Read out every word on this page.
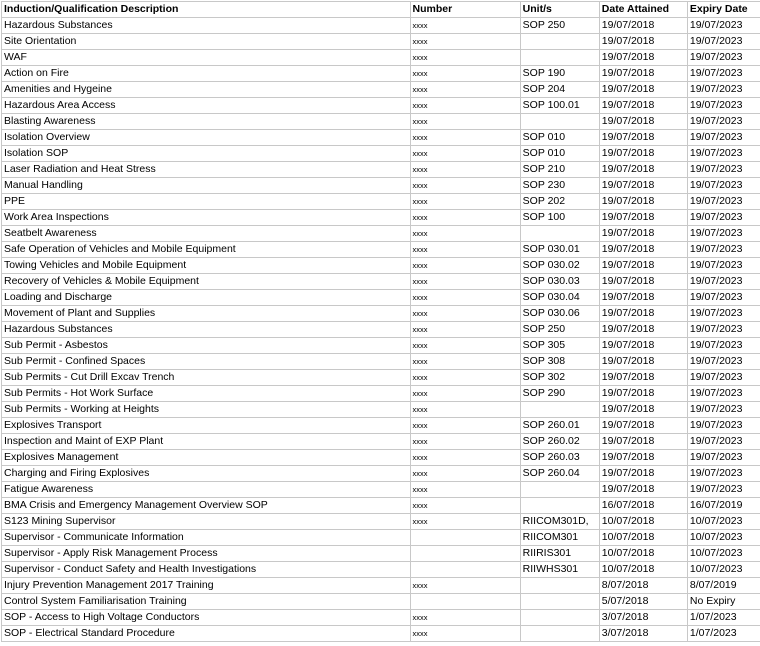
Induction/Qualification Description	Number	Unit/s	Date Attained	Expiry Date
Hazardous Substances	xxxx	SOP 250	19/07/2018	19/07/2023
Site Orientation	xxxx		19/07/2018	19/07/2023
WAF	xxxx		19/07/2018	19/07/2023
Action on Fire	xxxx	SOP 190	19/07/2018	19/07/2023
Amenities and Hygeine	xxxx	SOP 204	19/07/2018	19/07/2023
Hazardous Area Access	xxxx	SOP 100.01	19/07/2018	19/07/2023
Blasting Awareness	xxxx		19/07/2018	19/07/2023
Isolation Overview	xxxx	SOP 010	19/07/2018	19/07/2023
Isolation SOP	xxxx	SOP 010	19/07/2018	19/07/2023
Laser Radiation and Heat Stress	xxxx	SOP 210	19/07/2018	19/07/2023
Manual Handling	xxxx	SOP 230	19/07/2018	19/07/2023
PPE	xxxx	SOP 202	19/07/2018	19/07/2023
Work Area Inspections	xxxx	SOP 100	19/07/2018	19/07/2023
Seatbelt Awareness	xxxx		19/07/2018	19/07/2023
Safe Operation of Vehicles and Mobile Equipment	xxxx	SOP 030.01	19/07/2018	19/07/2023
Towing Vehicles and Mobile Equipment	xxxx	SOP 030.02	19/07/2018	19/07/2023
Recovery of Vehicles & Mobile Equipment	xxxx	SOP 030.03	19/07/2018	19/07/2023
Loading and Discharge	xxxx	SOP 030.04	19/07/2018	19/07/2023
Movement of Plant and Supplies	xxxx	SOP 030.06	19/07/2018	19/07/2023
Hazardous Substances	xxxx	SOP 250	19/07/2018	19/07/2023
Sub Permit - Asbestos	xxxx	SOP 305	19/07/2018	19/07/2023
Sub Permit - Confined Spaces	xxxx	SOP 308	19/07/2018	19/07/2023
Sub Permits - Cut Drill Excav Trench	xxxx	SOP 302	19/07/2018	19/07/2023
Sub Permits - Hot Work Surface	xxxx	SOP 290	19/07/2018	19/07/2023
Sub Permits - Working at Heights	xxxx		19/07/2018	19/07/2023
Explosives Transport	xxxx	SOP 260.01	19/07/2018	19/07/2023
Inspection and Maint of EXP Plant	xxxx	SOP 260.02	19/07/2018	19/07/2023
Explosives Management	xxxx	SOP 260.03	19/07/2018	19/07/2023
Charging and Firing Explosives	xxxx	SOP 260.04	19/07/2018	19/07/2023
Fatigue Awareness	xxxx		19/07/2018	19/07/2023
BMA Crisis and Emergency Management Overview SOP	xxxx		16/07/2018	16/07/2019
S123 Mining Supervisor	xxxx	RIICOM301D,	10/07/2018	10/07/2023
Supervisor - Communicate Information		RIICOM301	10/07/2018	10/07/2023
Supervisor - Apply Risk Management Process		RIIRIS301	10/07/2018	10/07/2023
Supervisor - Conduct Safety and Health Investigations		RIIWHS301	10/07/2018	10/07/2023
Injury Prevention Management 2017 Training	xxxx		8/07/2018	8/07/2019
Control System Familiarisation Training			5/07/2018	No Expiry
SOP - Access to High Voltage Conductors	xxxx		3/07/2018	1/07/2023
SOP - Electrical Standard Procedure	xxxx		3/07/2018	1/07/2023
